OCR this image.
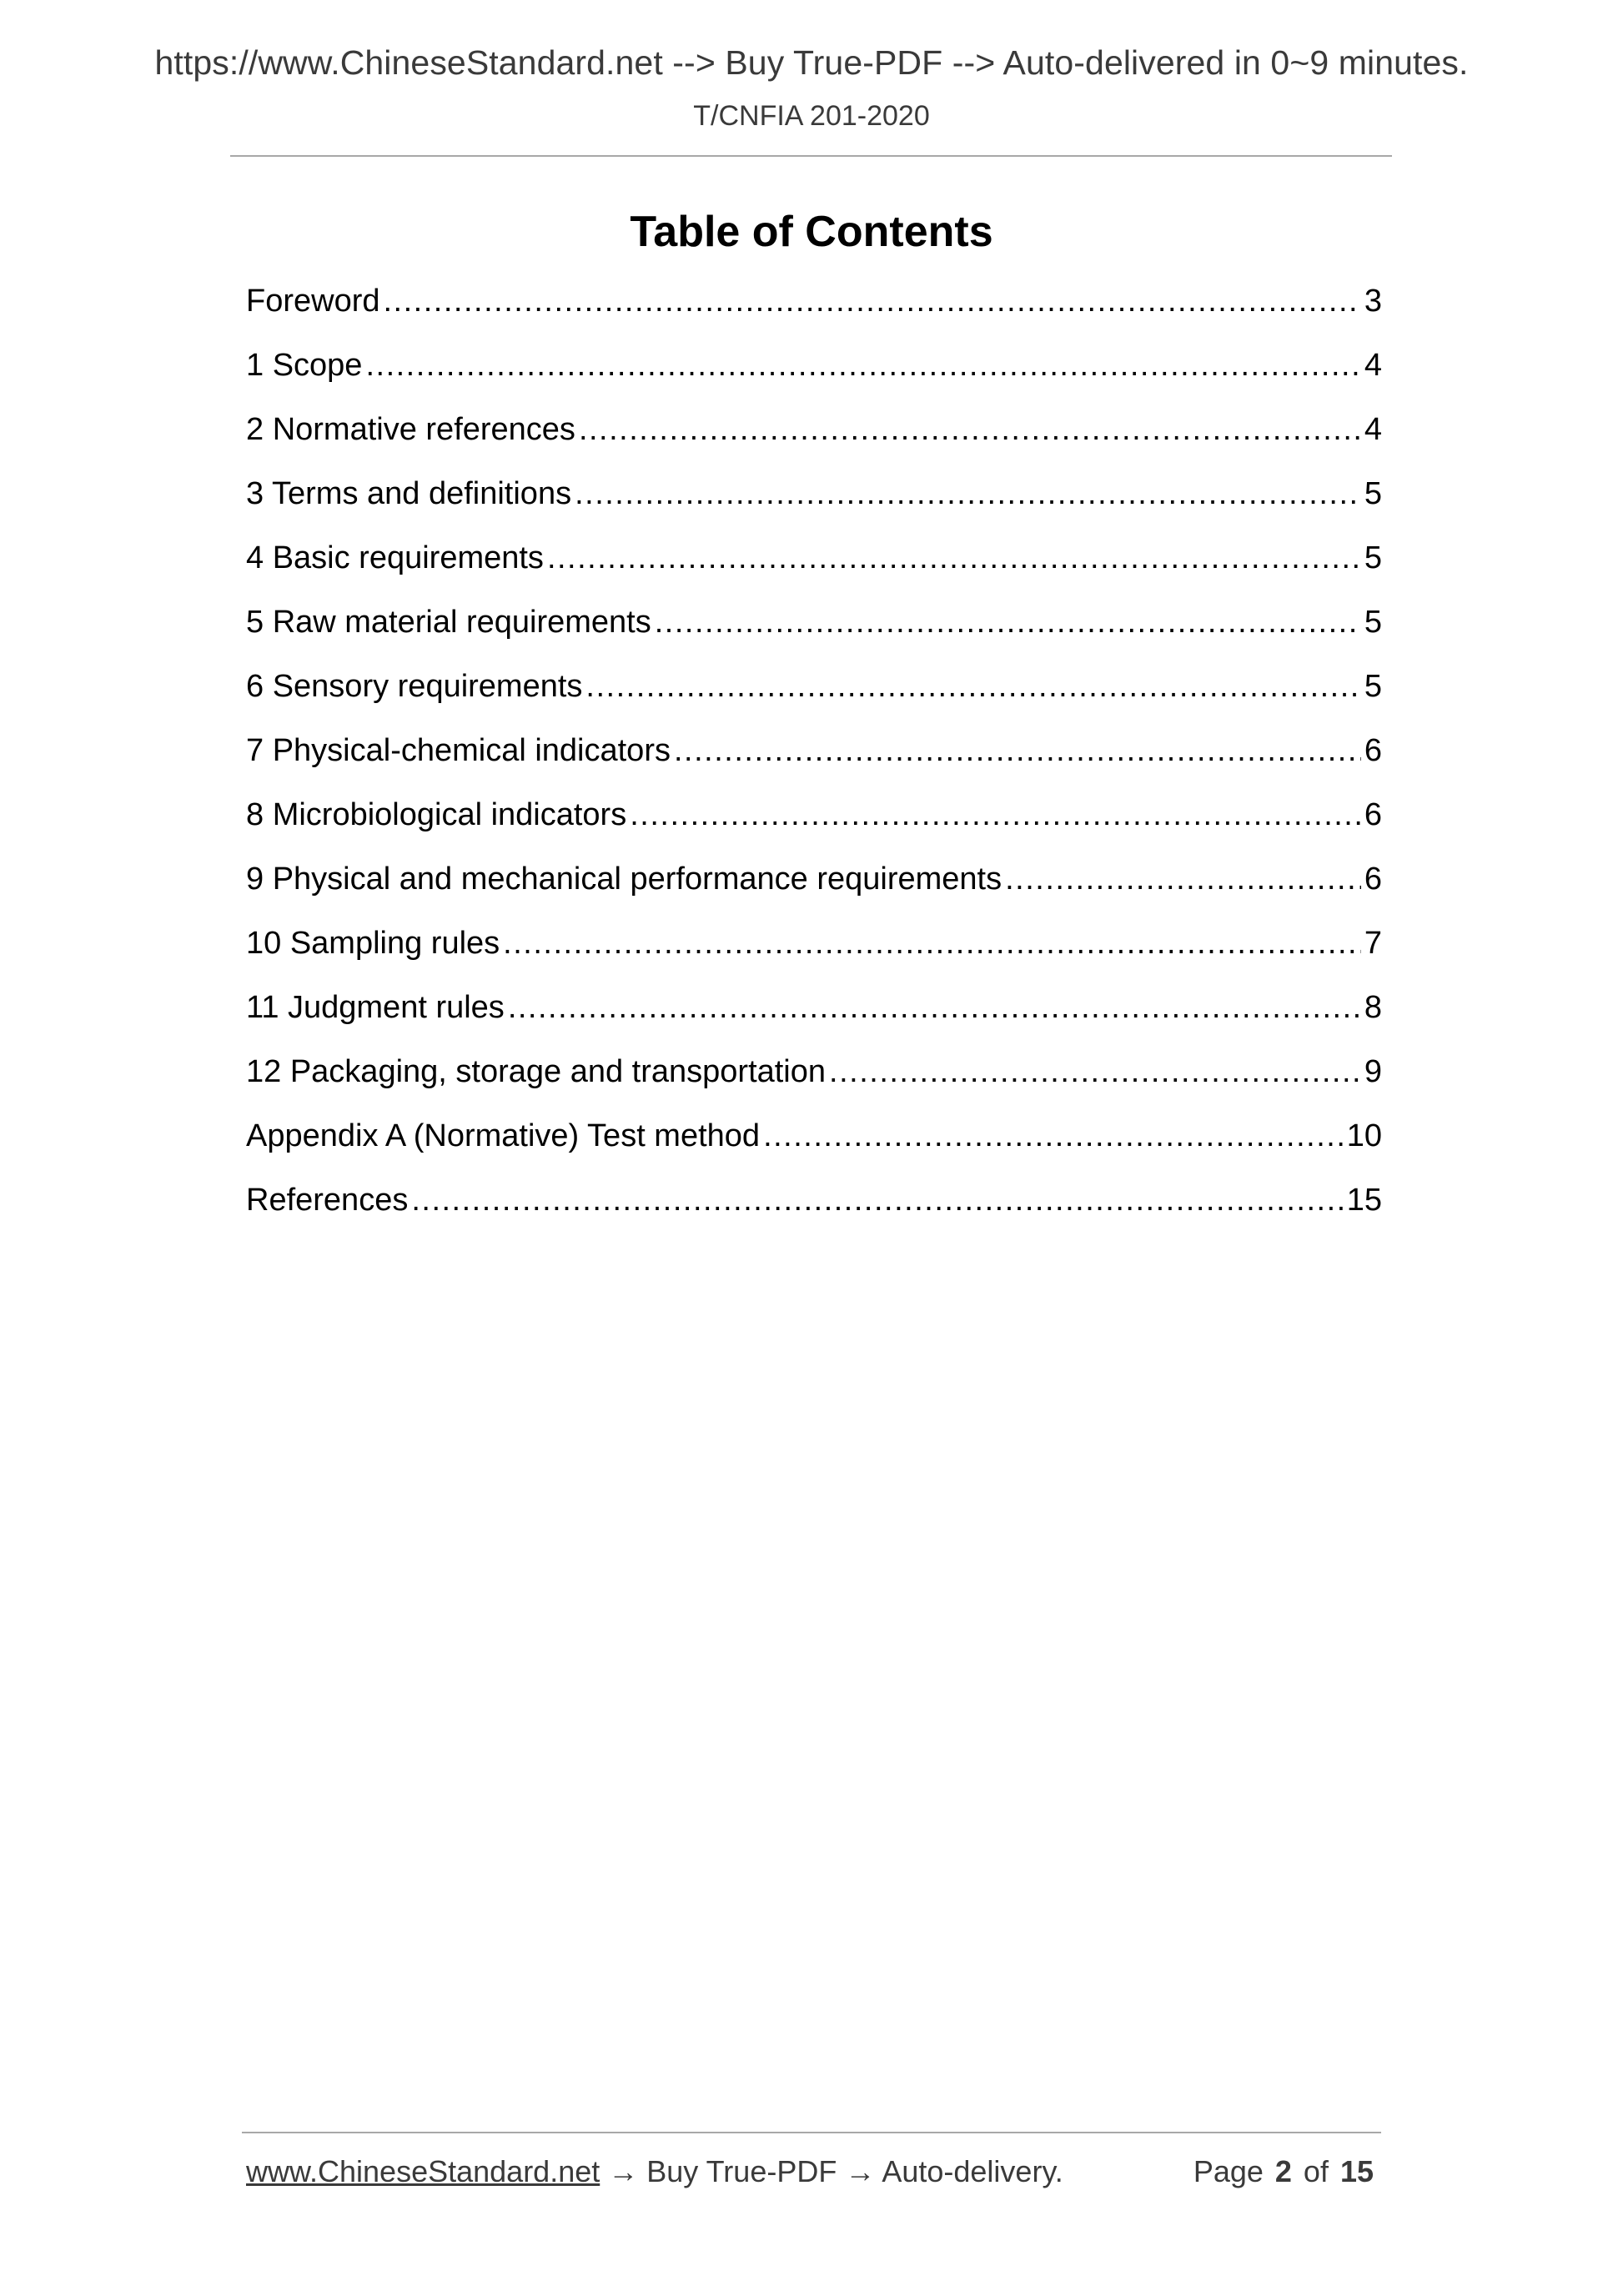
https://www.ChineseStandard.net --> Buy True-PDF --> Auto-delivered in 0~9 minutes.
T/CNFIA 201-2020
Table of Contents
Foreword .....	3
1 Scope .....	4
2 Normative references .....	4
3 Terms and definitions .....	5
4 Basic requirements .....	5
5 Raw material requirements .....	5
6 Sensory requirements .....	5
7 Physical-chemical indicators .....	6
8 Microbiological indicators .....	6
9 Physical and mechanical performance requirements .....	6
10 Sampling rules .....	7
11 Judgment rules .....	8
12 Packaging, storage and transportation .....	9
Appendix A (Normative) Test method .....	10
References .....	15
www.ChineseStandard.net → Buy True-PDF → Auto-delivery.	Page 2 of 15
